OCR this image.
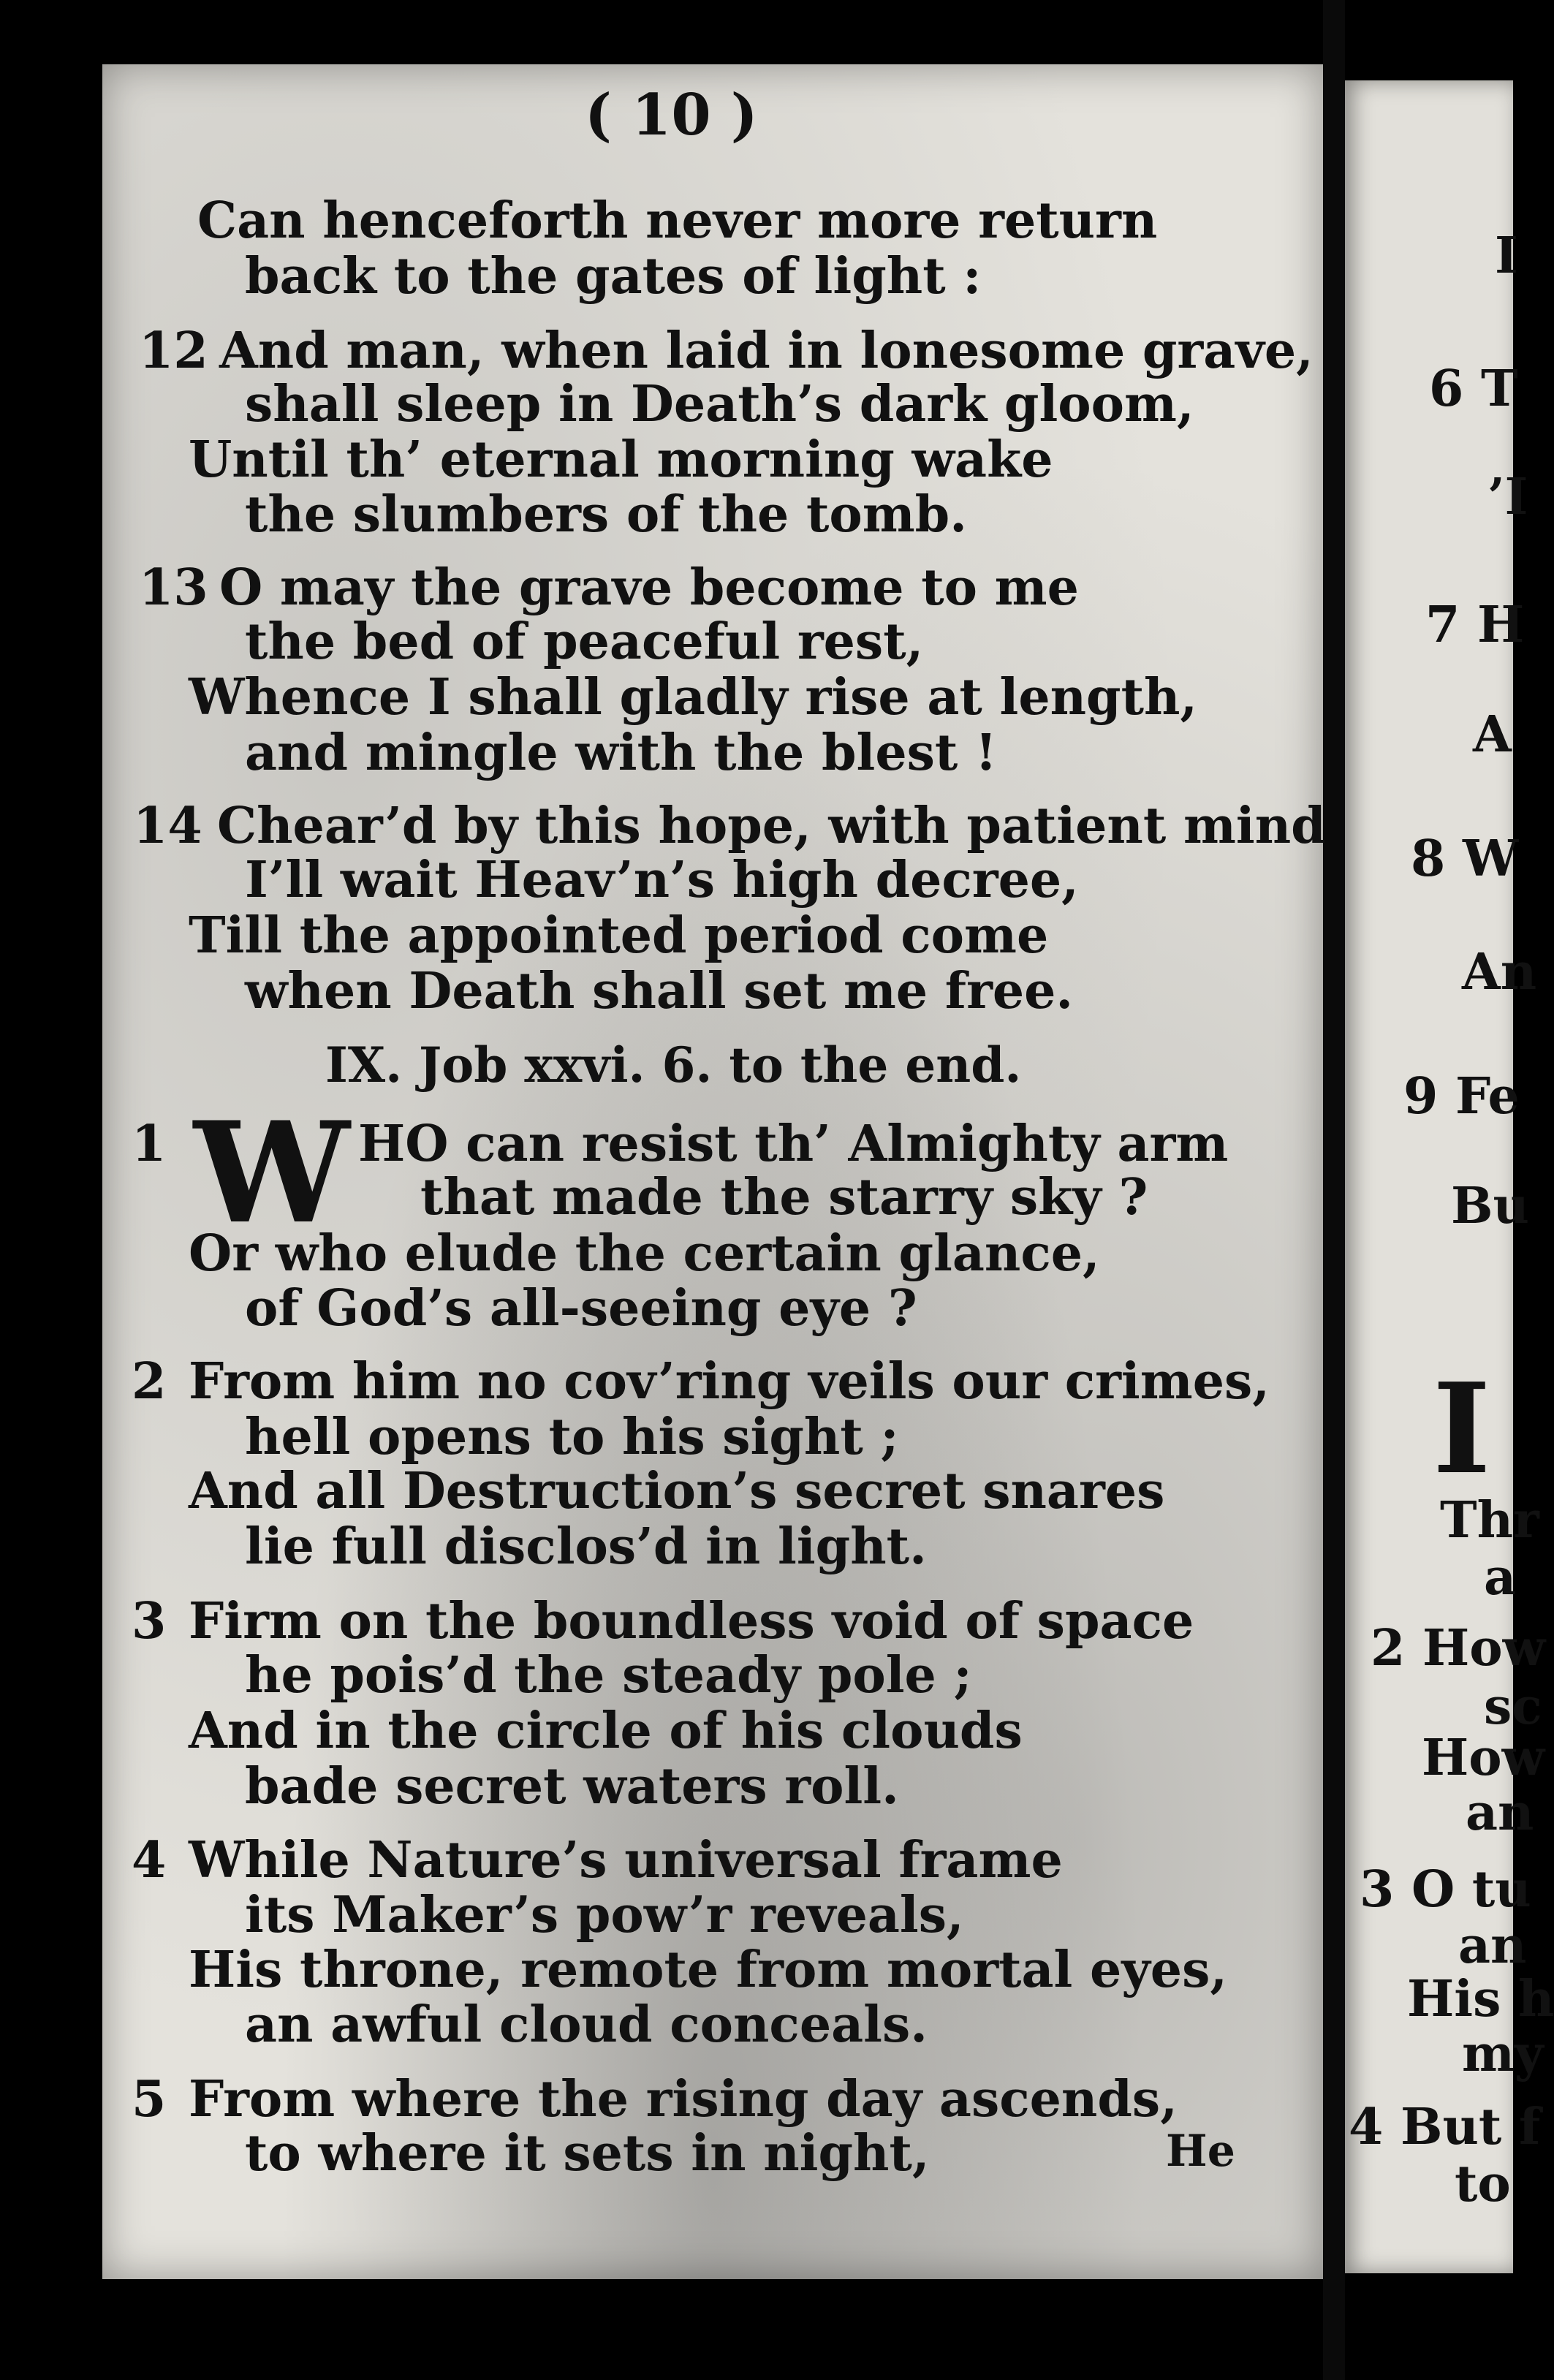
( 10 )
Can henceforth never more return
back to the gates of light :
12 And man, when laid in lonesome grave,
shall sleep in Death’s dark gloom,
Until th’ eternal morning wake
the slumbers of the tomb.
13 O may the grave become to me
the bed of peaceful rest,
Whence I shall gladly rise at length,
and mingle with the blest !
14 Chear’d by this hope, with patient mind
I’ll wait Heav’n’s high decree,
Till the appointed period come
when Death shall set me free.
IX. Job xxvi. 6. to the end.
1 W HO can resist th’ Almighty arm
that made the starry sky ?
Or who elude the certain glance,
of God’s all-seeing eye ?
2 From him no cov’ring veils our crimes,
hell opens to his sight ;
And all Destruction’s secret snares
lie full disclos’d in light.
3 Firm on the boundless void of space
he pois’d the steady pole ;
And in the circle of his clouds
bade secret waters roll.
4 While Nature’s universal frame
its Maker’s pow’r reveals,
His throne, remote from mortal eyes,
an awful cloud conceals.
5 From where the rising day ascends,
to where it sets in night,	He
I
6 T
’I
7 H
A
8 W
An
9 Fe
Bu
I
Thr
a
2 How
sc
How
an
3 O tu
an
His h
my
4 But f
to
